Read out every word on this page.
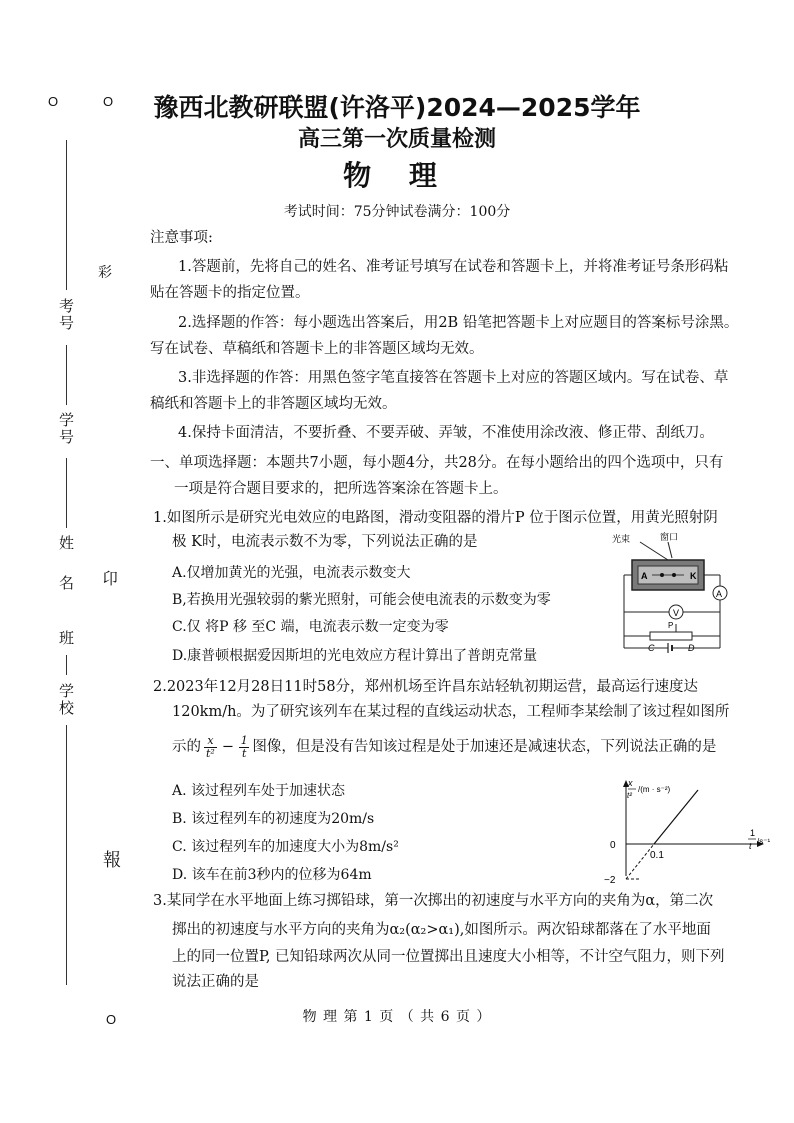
O	O
O
考号
学号
姓 名
班
学校
彩
卬
報
豫西北教研联盟(许洛平)2024—2025学年
高三第一次质量检测
物 理
考试时间：75分钟试卷满分：100分
注意事项:
1.答题前，先将自己的姓名、准考证号填写在试卷和答题卡上，并将准考证号条形码粘
贴在答题卡的指定位置。
2.选择题的作答：每小题选出答案后，用2B 铅笔把答题卡上对应题目的答案标号涂黑。
写在试卷、草稿纸和答题卡上的非答题区域均无效。
3.非选择题的作答：用黑色签字笔直接答在答题卡上对应的答题区域内。写在试卷、草
稿纸和答题卡上的非答题区域均无效。
4.保持卡面清洁，不要折叠、不要弄破、弄皱，不准使用涂改液、修正带、刮纸刀。
一、单项选择题：本题共7小题，每小题4分，共28分。在每小题给出的四个选项中，只有
一项是符合题目要求的，把所选答案涂在答题卡上。
1.如图所示是研究光电效应的电路图，滑动变阻器的滑片P 位于图示位置，用黄光照射阴
极 K时，电流表示数不为零，下列说法正确的是
A.仅增加黄光的光强，电流表示数变大
B,若换用光强较弱的紫光照射，可能会使电流表的示数变为零
C.仅 将P 移 至C 端，电流表示数一定变为零
D.康普顿根据爱因斯坦的光电效应方程计算出了普朗克常量
光束	窗口
A	K
A
V
P
C	D
2.2023年12月28日11时58分，郑州机场至许昌东站轻轨初期运营，最高运行速度达
120km/h。为了研究该列车在某过程的直线运动状态，工程师李某绘制了该过程如图所
示的 $\frac{x}{\text{t²}} - \frac{1}{t}$ 图像，但是没有告知该过程是处于加速还是减速状态，下列说法正确的是
A. 该过程列车处于加速状态
B. 该过程列车的初速度为20m/s
C. 该过程列车的加速度大小为8m/s²
D. 该车在前3秒内的位移为64m
x
t²
/(m · s⁻²)
1
t /s⁻¹
0
0.1
−2
3.某同学在水平地面上练习掷铅球，第一次掷出的初速度与水平方向的夹角为α，第二次
掷出的初速度与水平方向的夹角为α₂(α₂>α₁),如图所示。两次铅球都落在了水平地面
上的同一位置P, 已知铅球两次从同一位置掷出且速度大小相等，不计空气阻力，则下列
说法正确的是
物 理 第 1 页 （ 共 6 页 ）
